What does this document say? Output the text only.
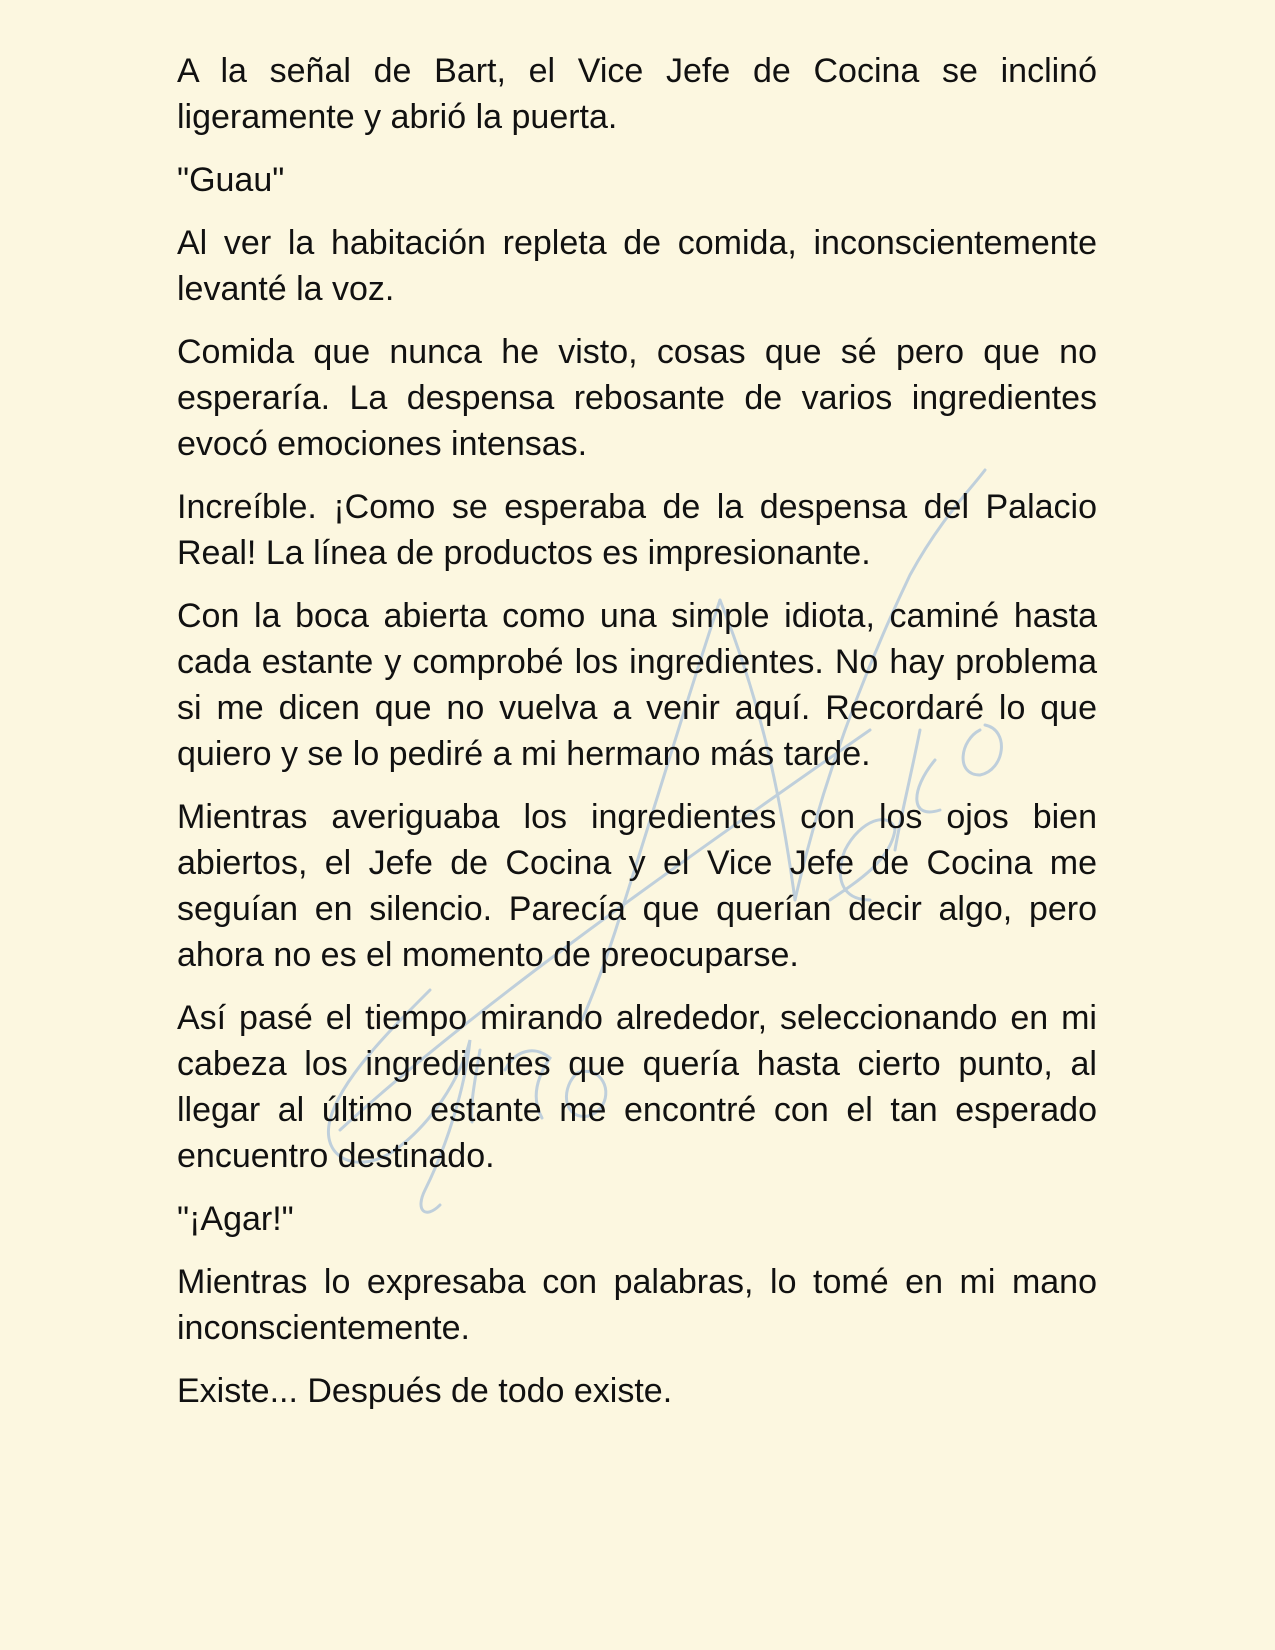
A la señal de Bart, el Vice Jefe de Cocina se inclinó ligeramente y abrió la puerta.

"Guau"

Al ver la habitación repleta de comida, inconscientemente levanté la voz.

Comida que nunca he visto, cosas que sé pero que no esperaría. La despensa rebosante de varios ingredientes evocó emociones intensas.

Increíble. ¡Como se esperaba de la despensa del Palacio Real! La línea de productos es impresionante.

Con la boca abierta como una simple idiota, caminé hasta cada estante y comprobé los ingredientes. No hay problema si me dicen que no vuelva a venir aquí. Recordaré lo que quiero y se lo pediré a mi hermano más tarde.

Mientras averiguaba los ingredientes con los ojos bien abiertos, el Jefe de Cocina y el Vice Jefe de Cocina me seguían en silencio. Parecía que querían decir algo, pero ahora no es el momento de preocuparse.

Así pasé el tiempo mirando alrededor, seleccionando en mi cabeza los ingredientes que quería hasta cierto punto, al llegar al último estante me encontré con el tan esperado encuentro destinado.

"¡Agar!"

Mientras lo expresaba con palabras, lo tomé en mi mano inconscientemente.

Existe... Después de todo existe.
